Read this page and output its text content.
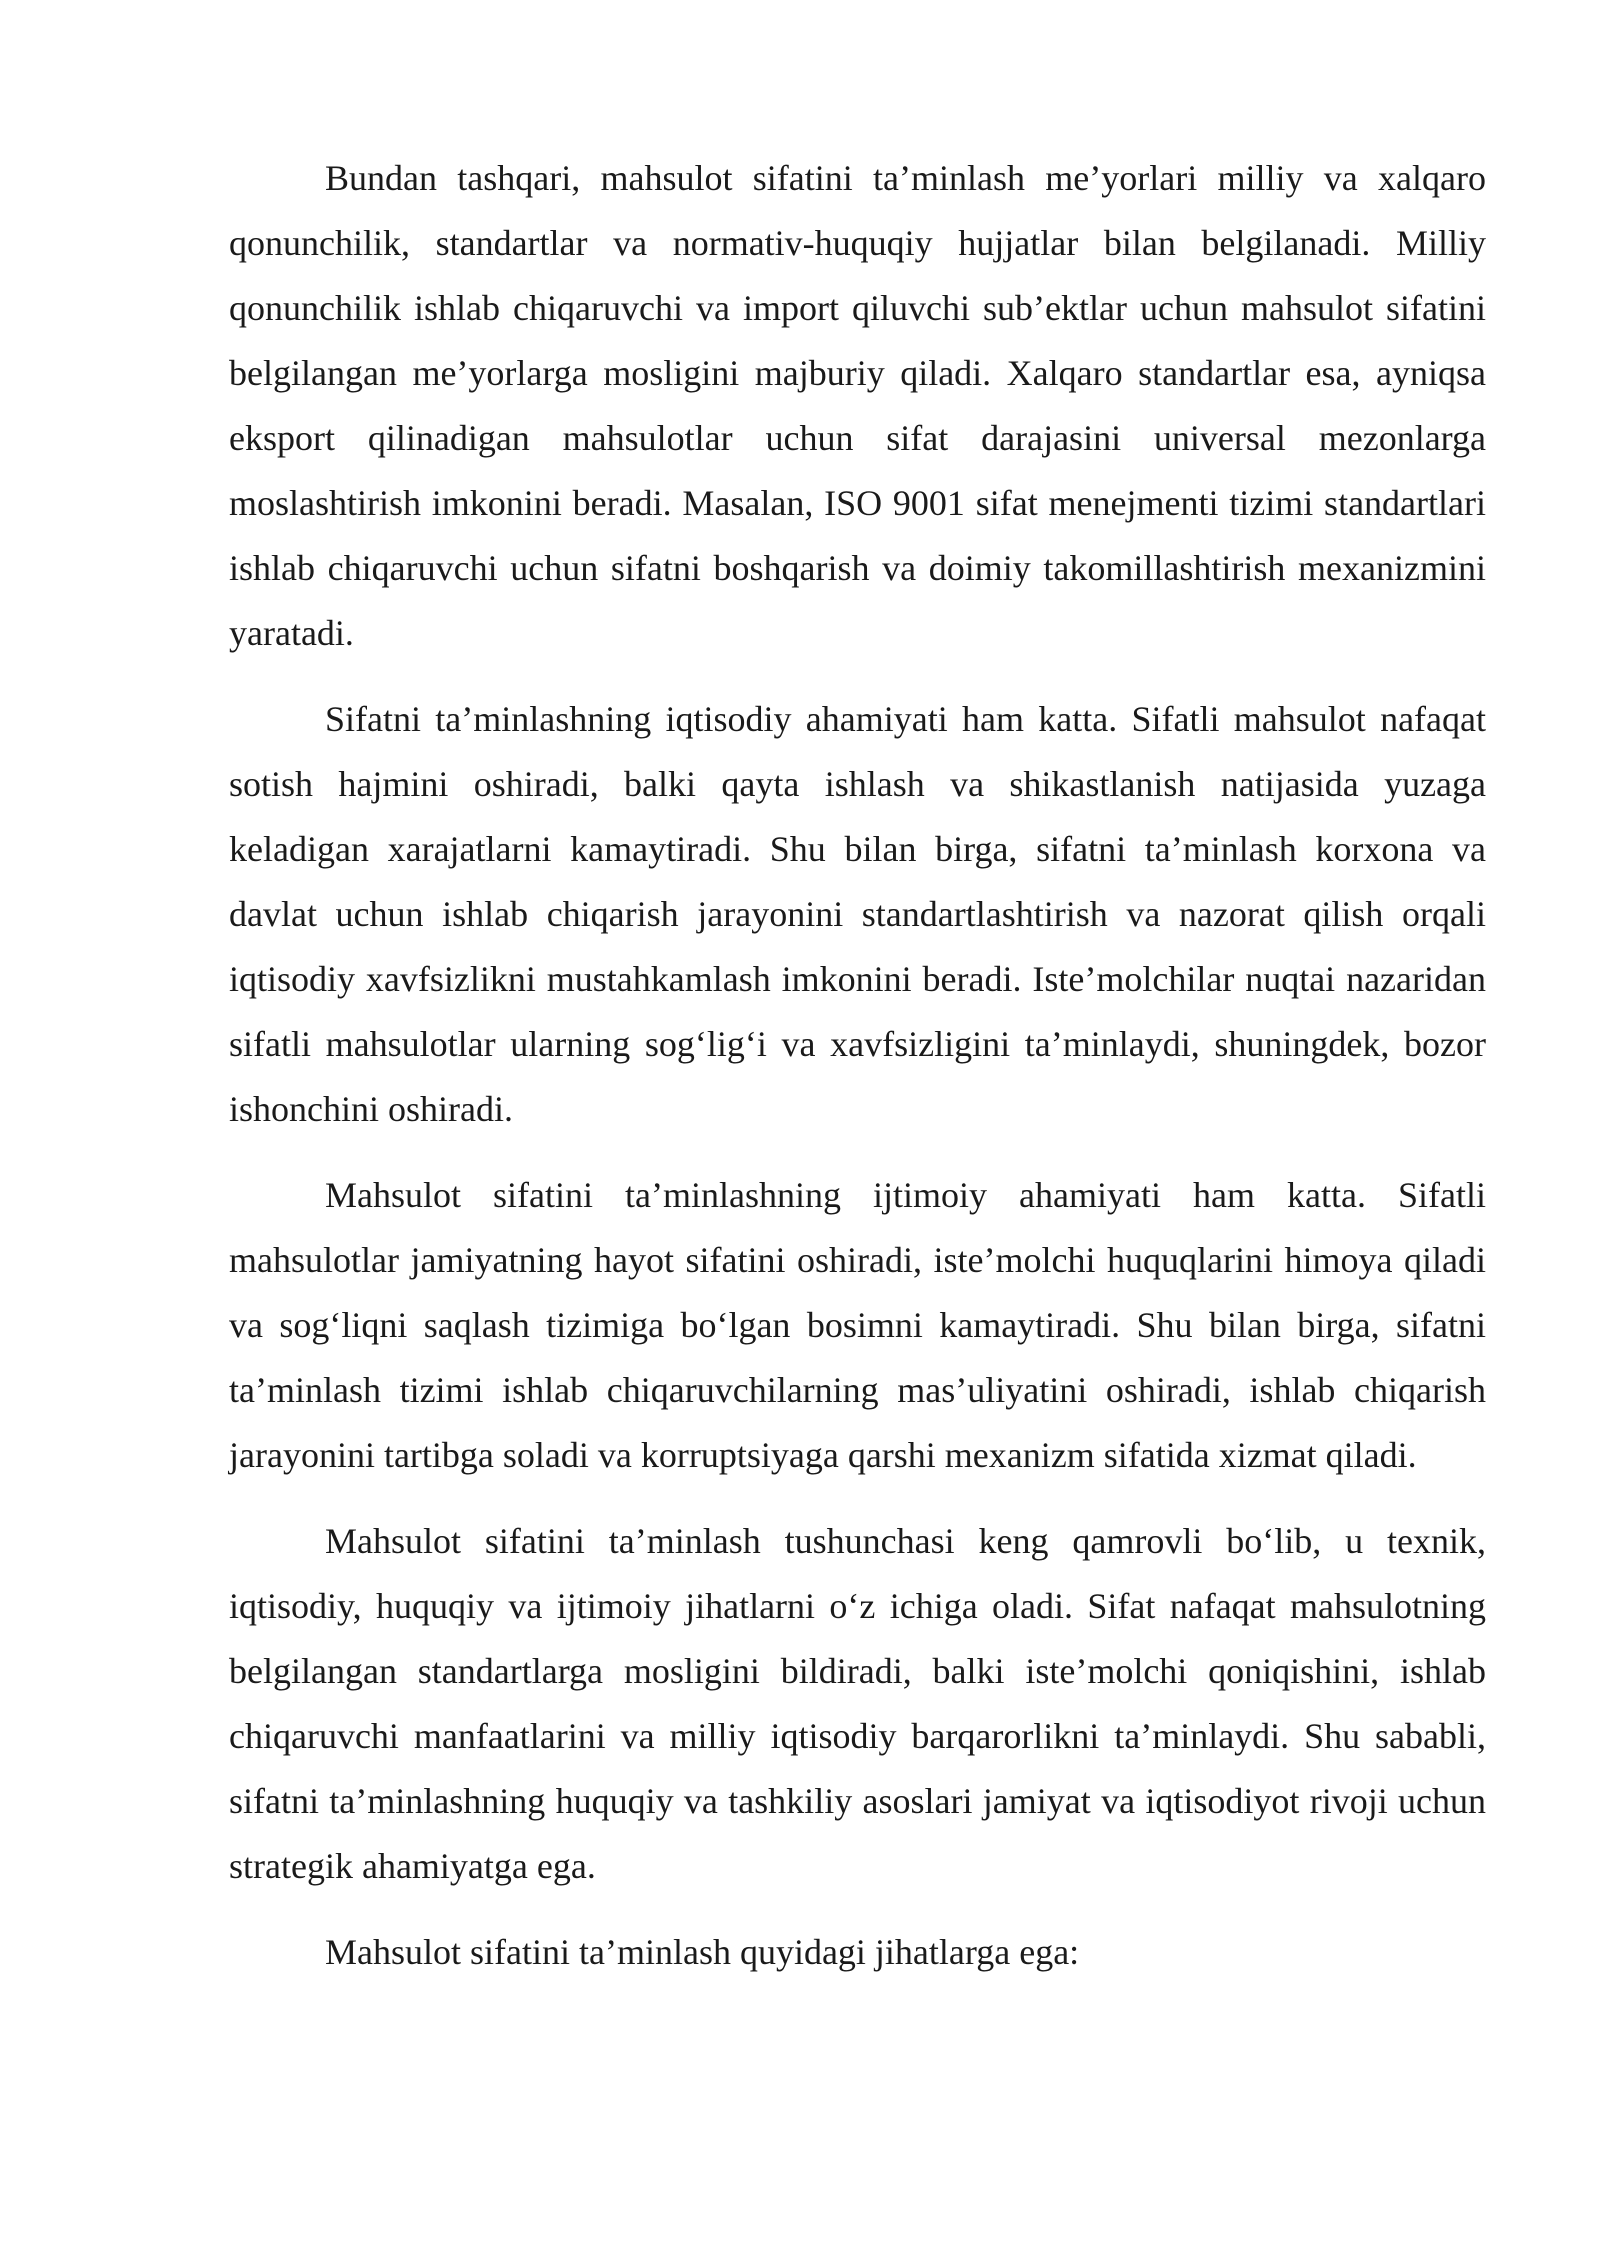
Bundan tashqari, mahsulot sifatini ta’minlash me’yorlari milliy va xalqaro qonunchilik, standartlar va normativ-huquqiy hujjatlar bilan belgilanadi. Milliy qonunchilik ishlab chiqaruvchi va import qiluvchi sub’ektlar uchun mahsulot sifatini belgilangan me’yorlarga mosligini majburiy qiladi. Xalqaro standartlar esa, ayniqsa eksport qilinadigan mahsulotlar uchun sifat darajasini universal mezonlarga moslashtirish imkonini beradi. Masalan, ISO 9001 sifat menejmenti tizimi standartlari ishlab chiqaruvchi uchun sifatni boshqarish va doimiy takomillashtirish mexanizmini yaratadi.

Sifatni ta’minlashning iqtisodiy ahamiyati ham katta. Sifatli mahsulot nafaqat sotish hajmini oshiradi, balki qayta ishlash va shikastlanish natijasida yuzaga keladigan xarajatlarni kamaytiradi. Shu bilan birga, sifatni ta’minlash korxona va davlat uchun ishlab chiqarish jarayonini standartlashtirish va nazorat qilish orqali iqtisodiy xavfsizlikni mustahkamlash imkonini beradi. Iste’molchilar nuqtai nazaridan sifatli mahsulotlar ularning sog‘lig‘i va xavfsizligini ta’minlaydi, shuningdek, bozor ishonchini oshiradi.

Mahsulot sifatini ta’minlashning ijtimoiy ahamiyati ham katta. Sifatli mahsulotlar jamiyatning hayot sifatini oshiradi, iste’molchi huquqlarini himoya qiladi va sog‘liqni saqlash tizimiga bo‘lgan bosimni kamaytiradi. Shu bilan birga, sifatni ta’minlash tizimi ishlab chiqaruvchilarning mas’uliyatini oshiradi, ishlab chiqarish jarayonini tartibga soladi va korruptsiyaga qarshi mexanizm sifatida xizmat qiladi.

Mahsulot sifatini ta’minlash tushunchasi keng qamrovli bo‘lib, u texnik, iqtisodiy, huquqiy va ijtimoiy jihatlarni o‘z ichiga oladi. Sifat nafaqat mahsulotning belgilangan standartlarga mosligini bildiradi, balki iste’molchi qoniqishini, ishlab chiqaruvchi manfaatlarini va milliy iqtisodiy barqarorlikni ta’minlaydi. Shu sababli, sifatni ta’minlashning huquqiy va tashkiliy asoslari jamiyat va iqtisodiyot rivoji uchun strategik ahamiyatga ega.

Mahsulot sifatini ta’minlash quyidagi jihatlarga ega:
